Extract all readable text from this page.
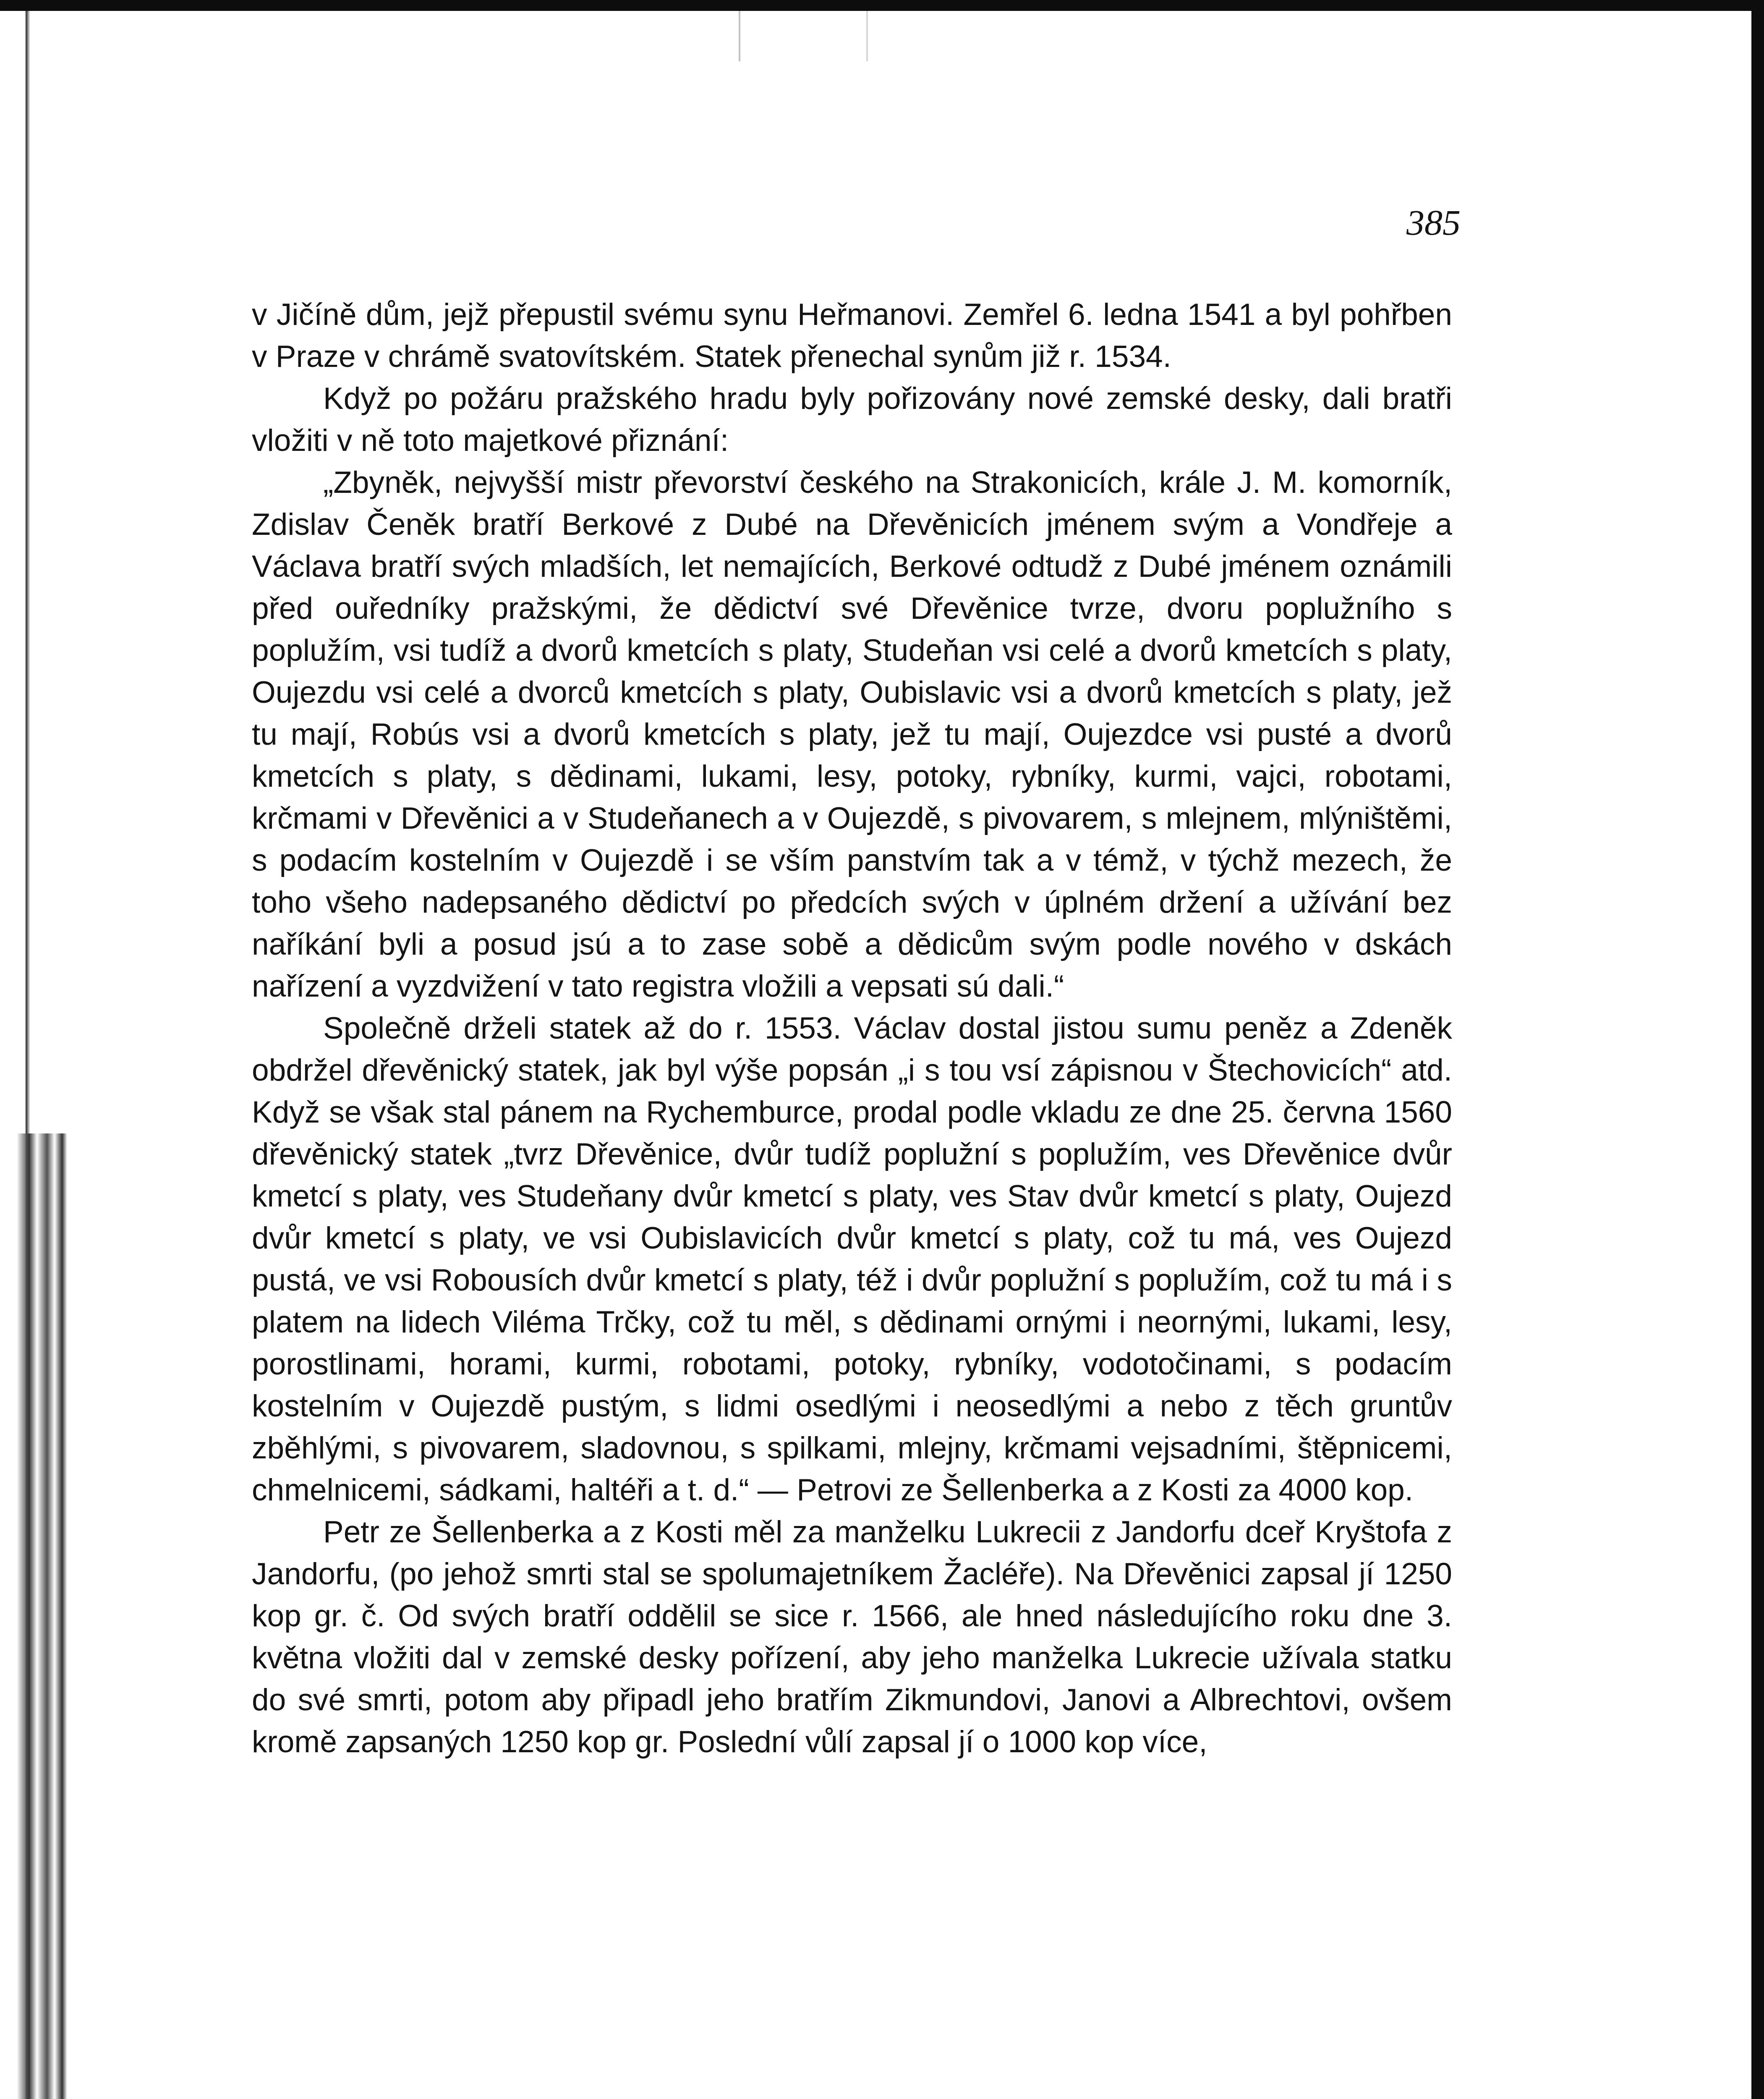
385

v Jičíně dům, jejž přepustil svému synu Heřmanovi. Zemřel 6. ledna 1541 a byl pohřben v Praze v chrámě svatovítském. Statek přenechal synům již r. 1534.

Když po požáru pražského hradu byly pořizovány nové zemské desky, dali bratři vložiti v ně toto majetkové přiznání:

„Zbyněk, nejvyšší mistr převorství českého na Strakonicích, krále J. M. komorník, Zdislav Čeněk bratří Berkové z Dubé na Dřevěnicích jménem svým a Vondřeje a Václava bratří svých mladších, let nemajících, Berkové odtudž z Dubé jménem oznámili před ouředníky pražskými, že dědictví své Dřevěnice tvrze, dvoru poplužního s poplužím, vsi tudíž a dvorů kmetcích s platy, Studeňan vsi celé a dvorů kmetcích s platy, Oujezdu vsi celé a dvorců kmetcích s platy, Oubislavic vsi a dvorů kmetcích s platy, jež tu mají, Robús vsi a dvorů kmetcích s platy, jež tu mají, Oujezdce vsi pusté a dvorů kmetcích s platy, s dědinami, lukami, lesy, potoky, rybníky, kurmi, vajci, robotami, krčmami v Dřevěnici a v Studeňanech a v Oujezdě, s pivovarem, s mlejnem, mlýništěmi, s podacím kostelním v Oujezdě i se vším panstvím tak a v témž, v týchž mezech, že toho všeho nadepsaného dědictví po předcích svých v úplném držení a užívání bez naříkání byli a posud jsú a to zase sobě a dědicům svým podle nového v dskách nařízení a vyzdvižení v tato registra vložili a vepsati sú dali.“

Společně drželi statek až do r. 1553. Václav dostal jistou sumu peněz a Zdeněk obdržel dřevěnický statek, jak byl výše popsán „i s tou vsí zápisnou v Štechovicích“ atd. Když se však stal pánem na Rychemburce, prodal podle vkladu ze dne 25. června 1560 dřevěnický statek „tvrz Dřevěnice, dvůr tudíž poplužní s poplužím, ves Dřevěnice dvůr kmetcí s platy, ves Studeňany dvůr kmetcí s platy, ves Stav dvůr kmetcí s platy, Oujezd dvůr kmetcí s platy, ve vsi Oubislavicích dvůr kmetcí s platy, což tu má, ves Oujezd pustá, ve vsi Robousích dvůr kmetcí s platy, též i dvůr poplužní s poplužím, což tu má i s platem na lidech Viléma Trčky, což tu měl, s dědinami ornými i neornými, lukami, lesy, porostlinami, horami, kurmi, robotami, potoky, rybníky, vodotočinami, s podacím kostelním v Oujezdě pustým, s lidmi osedlými i neosedlými a nebo z těch gruntův zběhlými, s pivovarem, sladovnou, s spilkami, mlejny, krčmami vejsadními, štěpnicemi, chmelnicemi, sádkami, haltéři a t. d.“ — Petrovi ze Šellenberka a z Kosti za 4000 kop.

Petr ze Šellenberka a z Kosti měl za manželku Lukrecii z Jandorfu dceř Kryštofa z Jandorfu, (po jehož smrti stal se spolumajetníkem Žacléře). Na Dřevěnici zapsal jí 1250 kop gr. č. Od svých bratří oddělil se sice r. 1566, ale hned následujícího roku dne 3. května vložiti dal v zemské desky pořízení, aby jeho manželka Lukrecie užívala statku do své smrti, potom aby připadl jeho bratřím Zikmundovi, Janovi a Albrechtovi, ovšem kromě zapsaných 1250 kop gr. Poslední vůlí zapsal jí o 1000 kop více,
